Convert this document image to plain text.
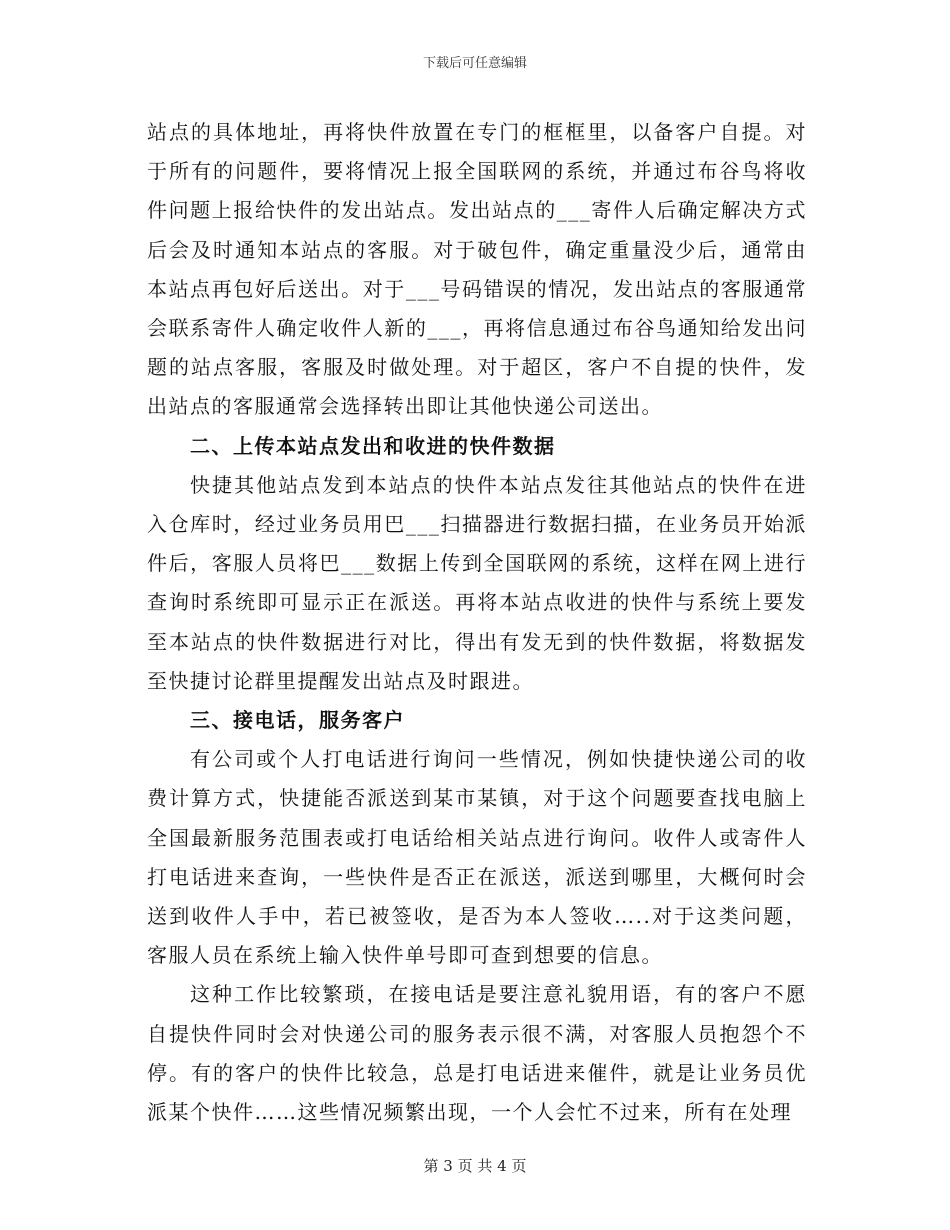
下载后可任意编辑

站点的具体地址，再将快件放置在专门的框框里，以备客户自提。对于所有的问题件，要将情况上报全国联网的系统，并通过布谷鸟将收件问题上报给快件的发出站点。发出站点的___寄件人后确定解决方式后会及时通知本站点的客服。对于破包件，确定重量没少后，通常由本站点再包好后送出。对于___号码错误的情况，发出站点的客服通常会联系寄件人确定收件人新的___，再将信息通过布谷鸟通知给发出问题的站点客服，客服及时做处理。对于超区，客户不自提的快件，发出站点的客服通常会选择转出即让其他快递公司送出。

二、上传本站点发出和收进的快件数据

快捷其他站点发到本站点的快件本站点发往其他站点的快件在进入仓库时，经过业务员用巴___扫描器进行数据扫描，在业务员开始派件后，客服人员将巴___数据上传到全国联网的系统，这样在网上进行查询时系统即可显示正在派送。再将本站点收进的快件与系统上要发至本站点的快件数据进行对比，得出有发无到的快件数据，将数据发至快捷讨论群里提醒发出站点及时跟进。

三、接电话，服务客户

有公司或个人打电话进行询问一些情况，例如快捷快递公司的收费计算方式，快捷能否派送到某市某镇，对于这个问题要查找电脑上全国最新服务范围表或打电话给相关站点进行询问。收件人或寄件人打电话进来查询，一些快件是否正在派送，派送到哪里，大概何时会送到收件人手中，若已被签收，是否为本人签收…..对于这类问题，客服人员在系统上输入快件单号即可查到想要的信息。

这种工作比较繁琐，在接电话是要注意礼貌用语，有的客户不愿自提快件同时会对快递公司的服务表示很不满，对客服人员抱怨个不停。有的客户的快件比较急，总是打电话进来催件，就是让业务员优派某个快件……这些情况频繁出现，一个人会忙不过来，所有在处理

第 3 页 共 4 页
